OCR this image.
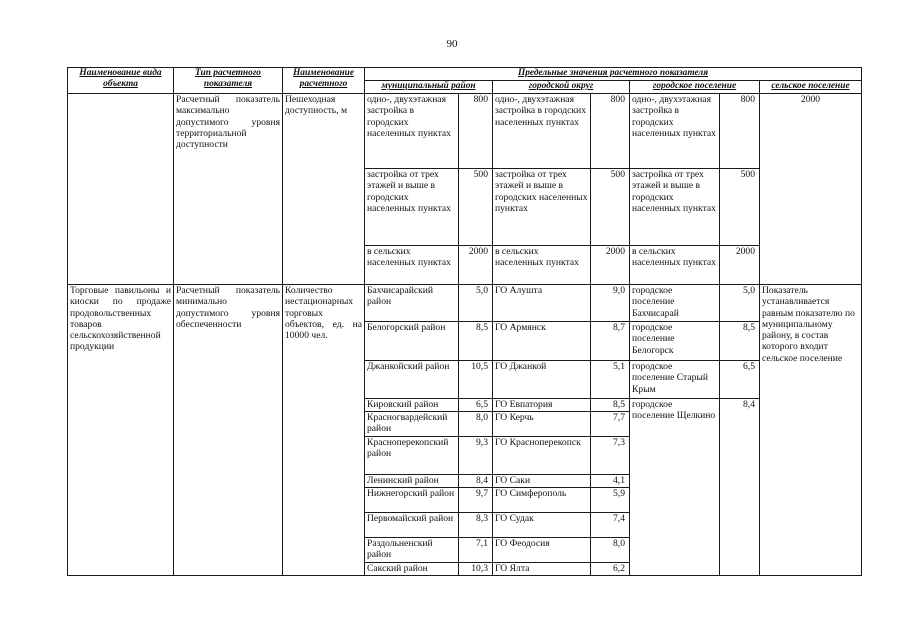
90
Наименование вида объекта	Тип расчетного показателя	Наименование расчетного	Предельные значения расчетного показателя						
			муниципальный район		городской округ		городское поселение		сельское поселение
	Расчетный показатель максимально допустимого уровня территориальной доступности	Пешеходная доступность, м	одно-, двухэтажная застройка в городских населенных пунктах	800	одно-, двухэтажная застройка в городских населенных пунктах	800	одно-, двухэтажная застройка в городских населенных пунктах	800	2000
			застройка от трех этажей и выше в городских населенных пунктах	500	застройка от трех этажей и выше в городских населенных пунктах	500	застройка от трех этажей и выше в городских населенных пунктах	500	
			в сельских населенных пунктах	2000	в сельских населенных пунктах	2000	в сельских населенных пунктах	2000	
Торговые павильоны и киоски по продаже продовольственных товаров сельскохозяйственной продукции	Расчетный показатель минимально допустимого уровня обеспеченности	Количество нестационарных торговых объектов, ед. на 10000 чел.	Бахчисарайский район	5,0	ГО Алушта	9,0	городское поселение Бахчисарай	5,0	Показатель устанавливается равным показателю по муниципальному району, в состав которого входит сельское поселение
			Белогорский район	8,5	ГО Армянск	8,7	городское поселение Белогорск	8,5	
			Джанкойский район	10,5	ГО Джанкой	5,1	городское поселение Старый Крым	6,5	
			Кировский район	6,5	ГО Евпатория	8,5	городское поселение Щелкино	8,4	
			Красногвардейский район	8,0	ГО Керчь	7,7			
			Красноперекопский район	9,3	ГО Красноперекопск	7,3			
			Ленинский район	8,4	ГО Саки	4,1			
			Нижнегорский район	9,7	ГО Симферополь	5,9			
			Первомайский район	8,3	ГО Судак	7,4			
			Раздольненский район	7,1	ГО Феодосия	8,0			
			Сакский район	10,3	ГО Ялта	6,2			
